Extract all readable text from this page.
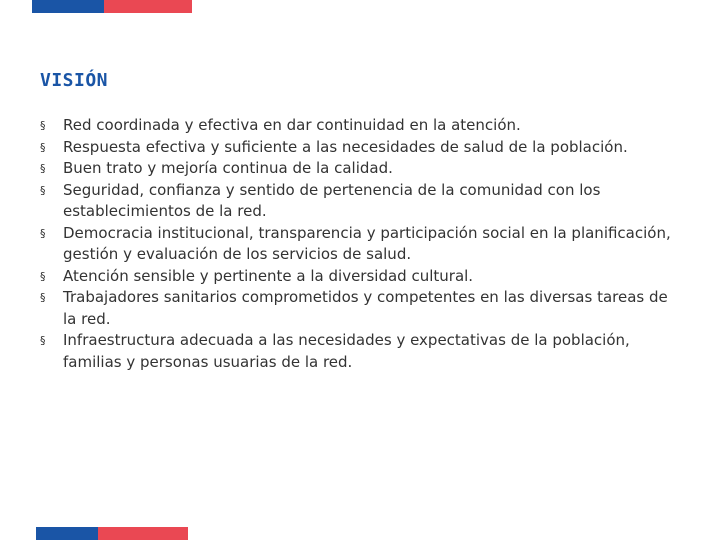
VISIÓN
§	Red coordinada y efectiva en dar continuidad en la atención.
§	Respuesta efectiva y suficiente a las necesidades de salud de la población.
§	Buen trato y mejoría continua de la calidad.
§	Seguridad, confianza y sentido de pertenencia de la comunidad con los establecimientos de la red.
§	Democracia institucional, transparencia y participación social en la planificación, gestión y evaluación de los servicios de salud.
§	Atención sensible y pertinente a la diversidad cultural.
§	Trabajadores sanitarios comprometidos y competentes en las diversas tareas de la red.
§	Infraestructura adecuada a las necesidades y expectativas de la población, familias y personas usuarias de la red.
